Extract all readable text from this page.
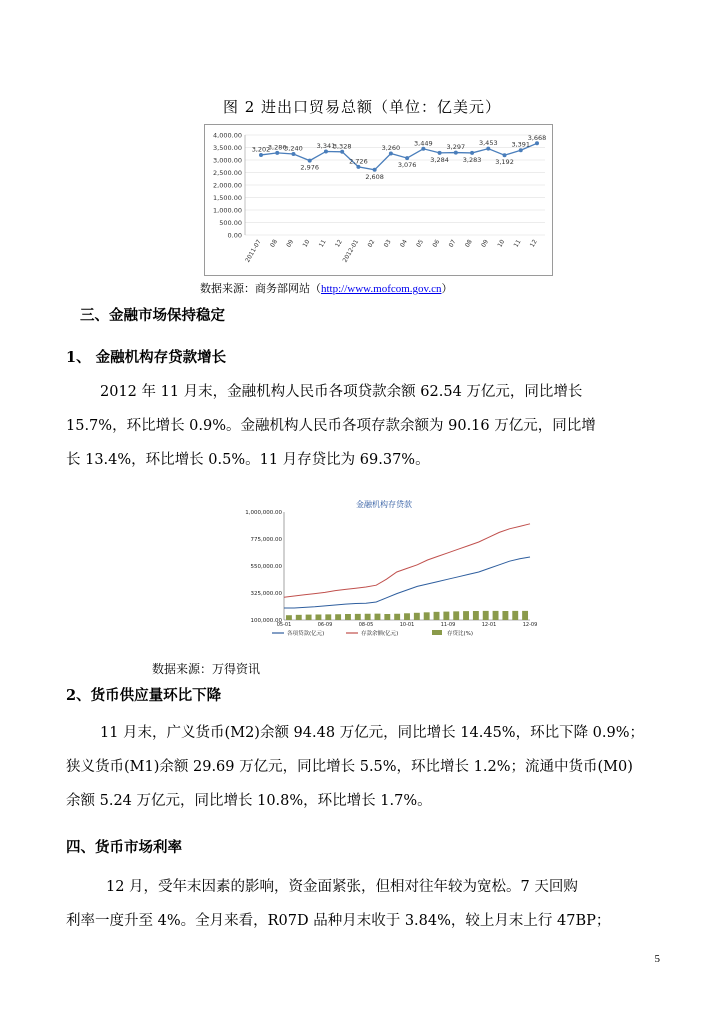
图 2 进出口贸易总额（单位：亿美元）
0.00
500.00
1,000.00
1,500.00
2,000.00
2,500.00
3,000.00
3,500.00
4,000.00
2011-07 08 09 10 11 12
2012-01 02 03 04 05 06 07 08 09 10 11 12
3,202
3,286
3,240
2,976
3,341
3,328
2,726
2,608
3,260
3,076
3,449
3,284
3,297
3,283
3,453
3,192
3,391
3,668
数据来源：商务部网站（http://www.mofcom.gov.cn）
三、金融市场保持稳定
1、 金融机构存贷款增长
2012 年 11 月末，金融机构人民币各项贷款余额 62.54 万亿元，同比增长
15.7%，环比增长 0.9%。金融机构人民币各项存款余额为 90.16 万亿元，同比增
长 13.4%，环比增长 0.5%。11 月存贷比为 69.37%。
金融机构存贷款
100,000.00
325,000.00
550,000.00
775,000.00
1,000,000.00
05-01	06-09	08-05	10-01	11-09	12-01	12-09
各项贷款(亿元)	存款余额(亿元)	存贷比(%)
数据来源：万得资讯
2、货币供应量环比下降
11 月末，广义货币(M2)余额 94.48 万亿元，同比增长 14.45%，环比下降 0.9%；
狭义货币(M1)余额 29.69 万亿元，同比增长 5.5%，环比增长 1.2%；流通中货币(M0)
余额 5.24 万亿元，同比增长 10.8%，环比增长 1.7%。
四、货币市场利率
12 月，受年末因素的影响，资金面紧张，但相对往年较为宽松。7 天回购
利率一度升至 4%。全月来看，R07D 品种月末收于 3.84%，较上月末上行 47BP；
5
